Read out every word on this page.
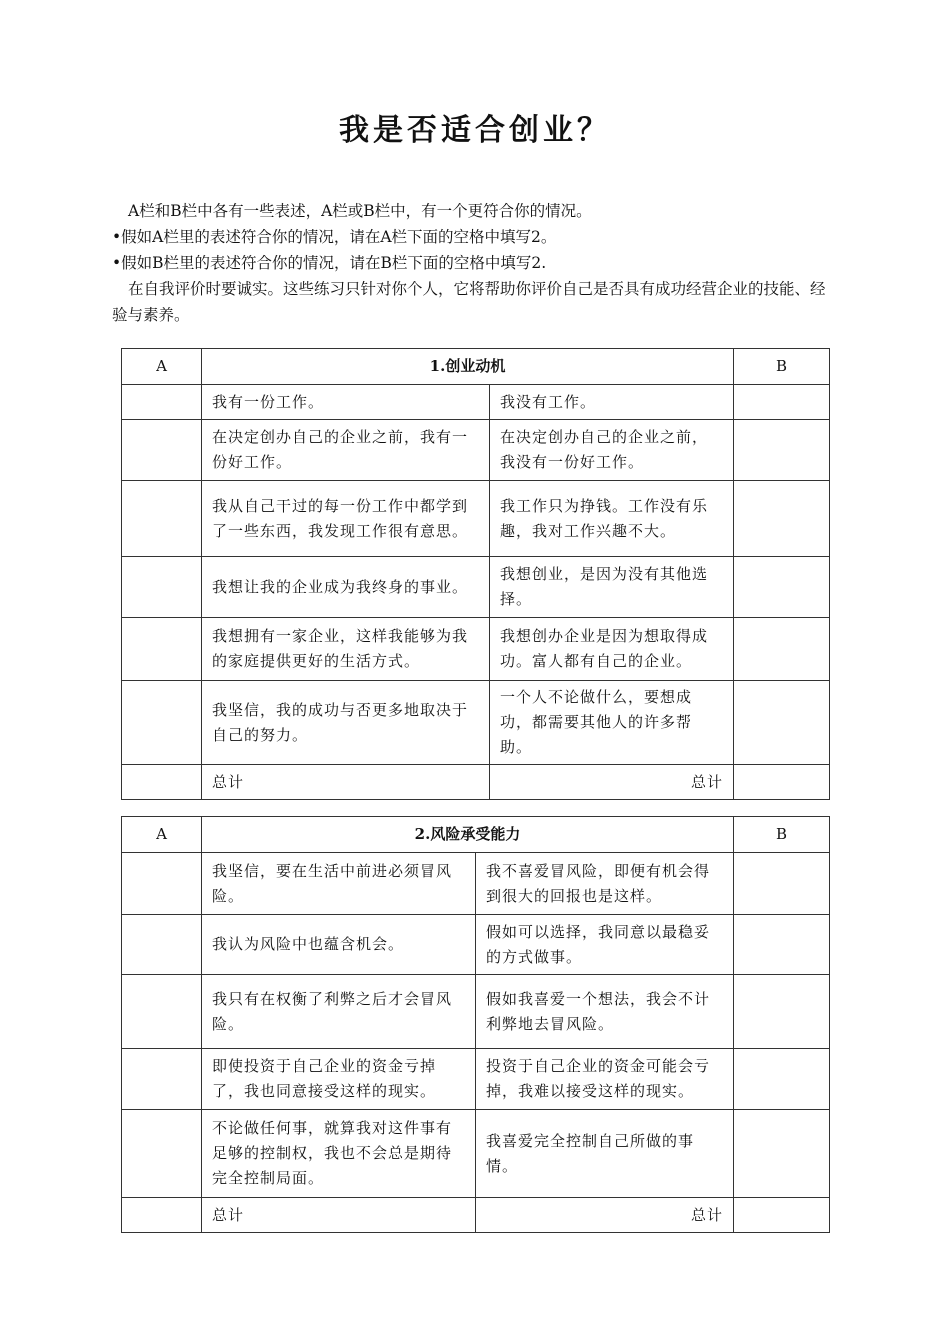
我是否适合创业？

A栏和B栏中各有一些表述，A栏或B栏中，有一个更符合你的情况。

•假如A栏里的表述符合你的情况，请在A栏下面的空格中填写2。

•假如B栏里的表述符合你的情况，请在B栏下面的空格中填写2.

在自我评价时要诚实。这些练习只针对你个人，它将帮助你评价自己是否具有成功经营企业的技能、经验与素养。

A	1.创业动机		B
	我有一份工作。	我没有工作。	
	在决定创办自己的企业之前，我有一份好工作。	在决定创办自己的企业之前，我没有一份好工作。	
	我从自己干过的每一份工作中都学到了一些东西，我发现工作很有意思。	我工作只为挣钱。工作没有乐趣，我对工作兴趣不大。	
	我想让我的企业成为我终身的事业。	我想创业，是因为没有其他选择。	
	我想拥有一家企业，这样我能够为我的家庭提供更好的生活方式。	我想创办企业是因为想取得成功。富人都有自己的企业。	
	我坚信，我的成功与否更多地取决于自己的努力。	一个人不论做什么，要想成功，都需要其他人的许多帮助。	
	总计	总计	
A	2.风险承受能力		B
	我坚信，要在生活中前进必须冒风险。	我不喜爱冒风险，即便有机会得到很大的回报也是这样。	
	我认为风险中也蕴含机会。	假如可以选择，我同意以最稳妥的方式做事。	
	我只有在权衡了利弊之后才会冒风险。	假如我喜爱一个想法，我会不计利弊地去冒风险。	
	即使投资于自己企业的资金亏掉了，我也同意接受这样的现实。	投资于自己企业的资金可能会亏掉，我难以接受这样的现实。	
	不论做任何事，就算我对这件事有足够的控制权，我也不会总是期待完全控制局面。	我喜爱完全控制自己所做的事情。	
	总计	总计	
